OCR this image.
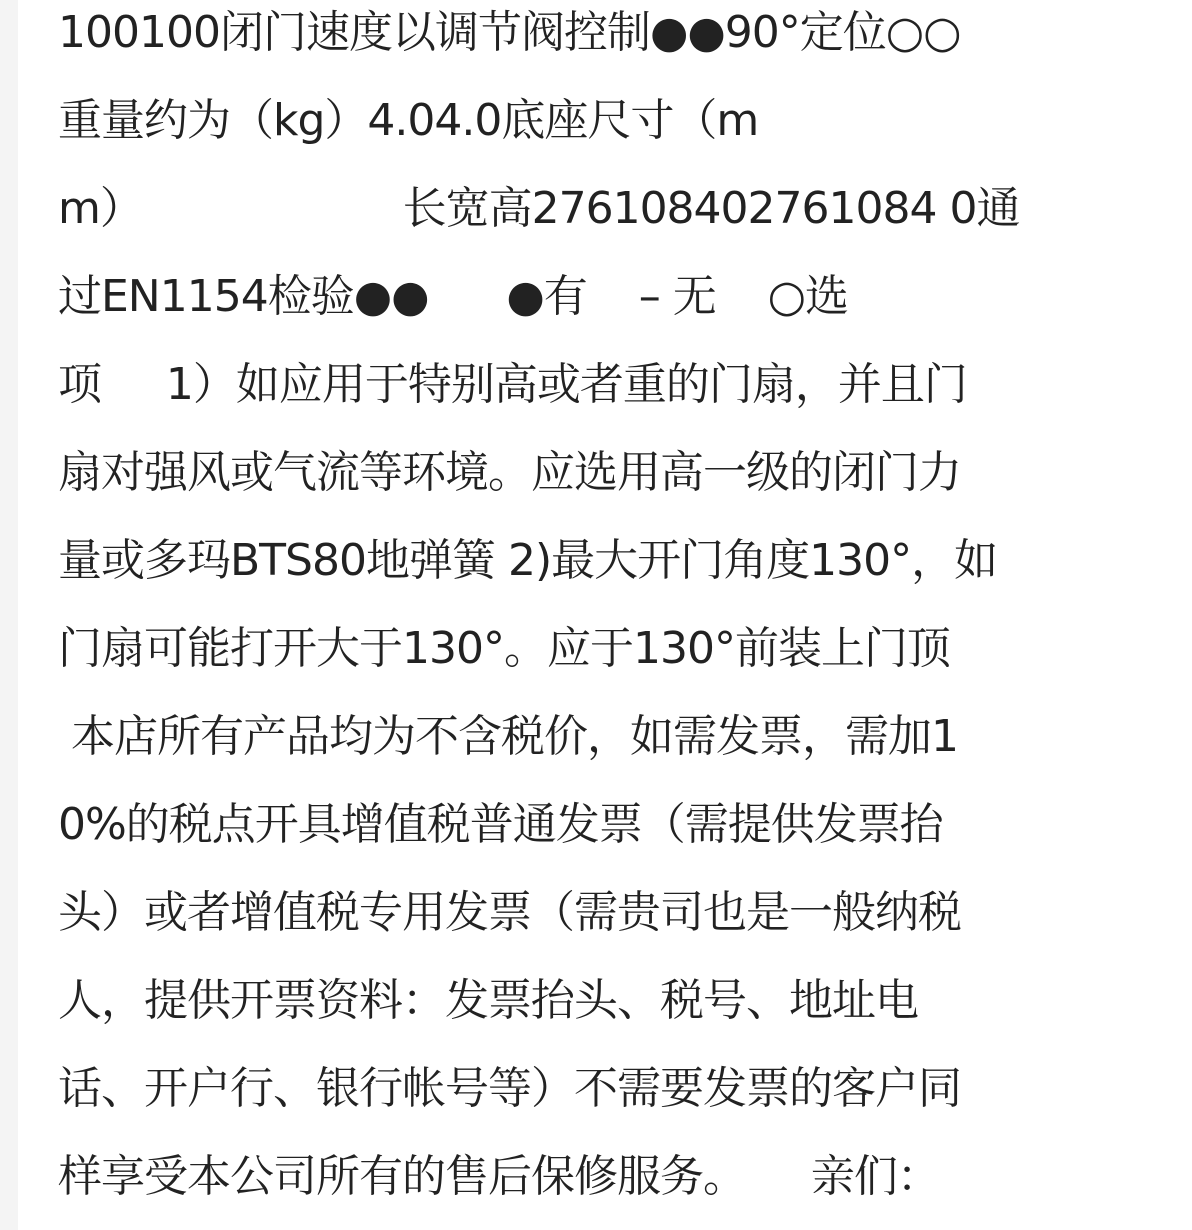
100100闭门速度以调节阀控制●●90°定位○○
重量约为（kg）4.04.0底座尺寸（m
m）                    长宽高276108402761084 0通
过EN1154检验●●      ●有    – 无    ○选
项     1）如应用于特别高或者重的门扇，并且门
扇对强风或气流等环境。应选用高一级的闭门力
量或多玛BTS80地弹簧 2)最大开门角度130°，如
门扇可能打开大于130°。应于130°前装上门顶
本店所有产品均为不含税价，如需发票，需加1
0%的税点开具增值税普通发票（需提供发票抬
头）或者增值税专用发票（需贵司也是一般纳税
人，提供开票资料：发票抬头、税号、地址电
话、开户行、银行帐号等）不需要发票的客户同
样享受本公司所有的售后保修服务。     亲们：
